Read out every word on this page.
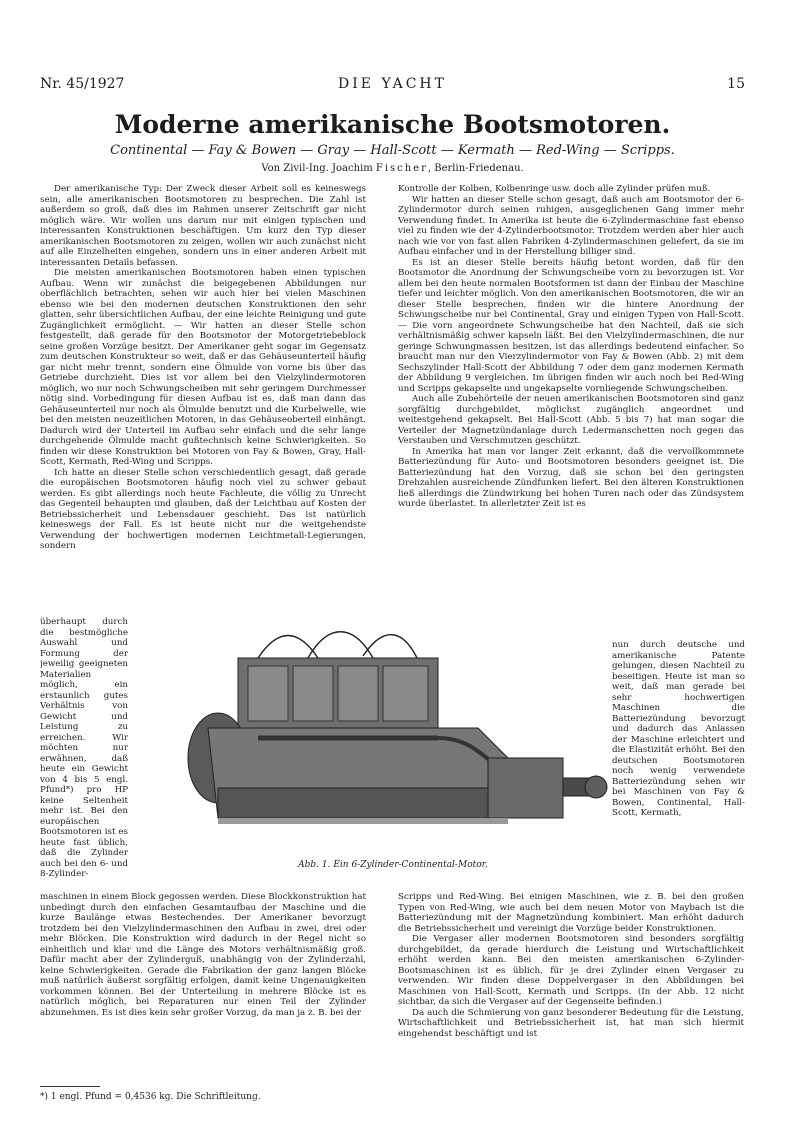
Nr. 45/1927	DIE YACHT	15
Moderne amerikanische Bootsmotoren.
Continental — Fay & Bowen — Gray — Hall-Scott — Kermath — Red-Wing — Scripps.
Von Zivil-Ing. Joachim Fischer, Berlin-Friedenau.

Der amerikanische Typ: Der Zweck dieser Arbeit soll es keineswegs sein, alle amerikanischen Bootsmotoren zu besprechen. Die Zahl ist außerdem so groß, daß dies im Rahmen unserer Zeitschrift gar nicht möglich wäre. Wir wollen uns darum nur mit einigen typischen und interessanten Konstruktionen beschäftigen. Um kurz den Typ dieser amerikanischen Bootsmotoren zu zeigen, wollen wir auch zunächst nicht auf alle Einzelheiten eingehen, sondern uns in einer anderen Arbeit mit interessanten Details befassen.

Die meisten amerikanischen Bootsmotoren haben einen typischen Aufbau. Wenn wir zunächst die beigegebenen Abbildungen nur oberflächlich betrachten, sehen wir auch hier bei vielen Maschinen ebenso wie bei den modernen deutschen Konstruktionen den sehr glatten, sehr übersichtlichen Aufbau, der eine leichte Reinigung und gute Zugänglichkeit ermöglicht. — Wir hatten an dieser Stelle schon festgestellt, daß gerade für den Bootsmotor der Motorgetriebeblock seine großen Vorzüge besitzt. Der Amerikaner geht sogar im Gegensatz zum deutschen Konstrukteur so weit, daß er das Gehäuseunterteil häufig gar nicht mehr trennt, sondern eine Ölmulde von vorne bis über das Getriebe durchzieht. Dies ist vor allem bei den Vielzylindermotoren möglich, wo nur noch Schwungscheiben mit sehr geringem Durchmesser nötig sind. Vorbedingung für diesen Aufbau ist es, daß man dann das Gehäuseunterteil nur noch als Ölmulde benutzt und die Kurbelwelle, wie bei den meisten neuzeitlichen Motoren, in das Gehäuseoberteil einhängt. Dadurch wird der Unterteil im Aufbau sehr einfach und die sehr lange durchgehende Ölmulde macht gußtechnisch keine Schwierigkeiten. So finden wir diese Konstruktion bei Motoren von Fay & Bowen, Gray, Hall-Scott, Kermath, Red-Wing und Scripps.

Ich hatte an dieser Stelle schon verschiedentlich gesagt, daß gerade die europäischen Bootsmotoren häufig noch viel zu schwer gebaut werden. Es gibt allerdings noch heute Fachleute, die völlig zu Unrecht das Gegenteil behaupten und glauben, daß der Leichtbau auf Kosten der Betriebssicherheit und Lebensdauer geschieht. Das ist natürlich keineswegs der Fall. Es ist heute nicht nur die weitgehendste Verwendung der hochwertigen modernen Leichtmetall-Legierungen, sondern

Kontrolle der Kolben, Kolbenringe usw. doch alle Zylinder prüfen muß.

Wir hatten an dieser Stelle schon gesagt, daß auch am Bootsmotor der 6-Zylindermotor durch seinen ruhigen, ausgeglichenen Gang immer mehr Verwendung findet. In Amerika ist heute die 6-Zylindermaschine fast ebenso viel zu finden wie der 4-Zylinderbootsmotor. Trotzdem werden aber hier auch nach wie vor von fast allen Fabriken 4-Zylindermaschinen geliefert, da sie im Aufbau einfacher und in der Herstellung billiger sind.

Es ist an dieser Stelle bereits häufig betont worden, daß für den Bootsmotor die Anordnung der Schwungscheibe vorn zu bevorzugen ist. Vor allem bei den heute normalen Bootsformen ist dann der Einbau der Maschine tiefer und leichter möglich. Von den amerikanischen Bootsmotoren, die wir an dieser Stelle besprechen, finden wir die hintere Anordnung der Schwungscheibe nur bei Continental, Gray und einigen Typen von Hall-Scott. — Die vorn angeordnete Schwungscheibe hat den Nachteil, daß sie sich verhältnismäßig schwer kapseln läßt. Bei den Vielzylindermaschinen, die nur geringe Schwungmassen besitzen, ist das allerdings bedeutend einfacher. So braucht man nur den Vierzylindermotor von Fay & Bowen (Abb. 2) mit dem Sechszylinder Hall-Scott der Abbildung 7 oder dem ganz modernen Kermath der Abbildung 9 vergleichen. Im übrigen finden wir auch noch bei Red-Wing und Scripps gekapselte und ungekapselte vornliegende Schwungscheiben.

Auch alle Zubehörteile der neuen amerikanischen Bootsmotoren sind ganz sorgfältig durchgebildet, möglichst zugänglich angeordnet und weitestgehend gekapselt. Bei Hall-Scott (Abb. 5 bis 7) hat man sogar die Verteiler der Magnetzündanlage durch Ledermanschetten noch gegen das Verstauben und Verschmutzen geschützt.

In Amerika hat man vor langer Zeit erkannt, daß die vervollkommnete Batteriezündung für Auto- und Bootsmotoren besonders geeignet ist. Die Batteriezündung hat den Vorzug, daß sie schon bei den geringsten Drehzahlen ausreichende Zündfunken liefert. Bei den älteren Konstruktionen ließ allerdings die Zündwirkung bei hohen Turen nach oder das Zündsystem wurde überlastet. In allerletzter Zeit ist es

überhaupt durch die bestmögliche Auswahl und Formung der jeweilig geeigneten Materialien möglich, ein erstaunlich gutes Verhältnis von Gewicht und Leistung zu erreichen. Wir möchten nur erwähnen, daß heute ein Gewicht von 4 bis 5 engl. Pfund*) pro HP keine Seltenheit mehr ist. Bei den europäischen Bootsmotoren ist es heute fast üblich, daß die Zylinder auch bei den 6- und 8-Zylinder-

nun durch deutsche und amerikanische Patente gelungen, diesen Nachteil zu beseitigen. Heute ist man so weit, daß man gerade bei sehr hochwertigen Maschinen die Batteriezündung bevorzugt und dadurch das Anlassen der Maschine erleichtert und die Elastizität erhöht. Bei den deutschen Bootsmotoren noch wenig verwendete Batteriezündung sehen wir bei Maschinen von Fay & Bowen, Continental, Hall-Scott, Kermath,

Abb. 1. Ein 6-Zylinder-Continental-Motor.

maschinen in einem Block gegossen werden. Diese Blockkonstruktion hat unbedingt durch den einfachen Gesamtaufbau der Maschine und die kurze Baulänge etwas Bestechendes. Der Amerikaner bevorzugt trotzdem bei den Vielzylindermaschinen den Aufbau in zwei, drei oder mehr Blöcken. Die Konstruktion wird dadurch in der Regel nicht so einheitlich und klar und die Länge des Motors verhältnismäßig groß. Dafür macht aber der Zylinderguß, unabhängig von der Zylinderzahl, keine Schwierigkeiten. Gerade die Fabrikation der ganz langen Blöcke muß natürlich äußerst sorgfältig erfolgen, damit keine Ungenauigkeiten vorkommen können. Bei der Unterteilung in mehrere Blöcke ist es natürlich möglich, bei Reparaturen nur einen Teil der Zylinder abzunehmen. Es ist dies kein sehr großer Vorzug, da man ja z. B. bei der

Scripps und Red-Wing. Bei einigen Maschinen, wie z. B. bei den großen Typen von Red-Wing, wie auch bei dem neuen Motor von Maybach ist die Batteriezündung mit der Magnetzündung kombiniert. Man erhöht dadurch die Betriebssicherheit und vereinigt die Vorzüge beider Konstruktionen.

Die Vergaser aller modernen Bootsmotoren sind besonders sorgfältig durchgebildet, da gerade hierdurch die Leistung und Wirtschaftlichkeit erhöht werden kann. Bei den meisten amerikanischen 6-Zylinder-Bootsmaschinen ist es üblich, für je drei Zylinder einen Vergaser zu verwenden. Wir finden diese Doppelvergaser in den Abbildungen bei Maschinen von Hall-Scott, Kermath und Scripps. (In der Abb. 12 nicht sichtbar, da sich die Vergaser auf der Gegenseite befinden.)

Da auch die Schmierung von ganz besonderer Bedeutung für die Leistung, Wirtschaftlichkeit und Betriebssicherheit ist, hat man sich hiermit eingehendst beschäftigt und ist

*) 1 engl. Pfund = 0,4536 kg. Die Schriftleitung.
